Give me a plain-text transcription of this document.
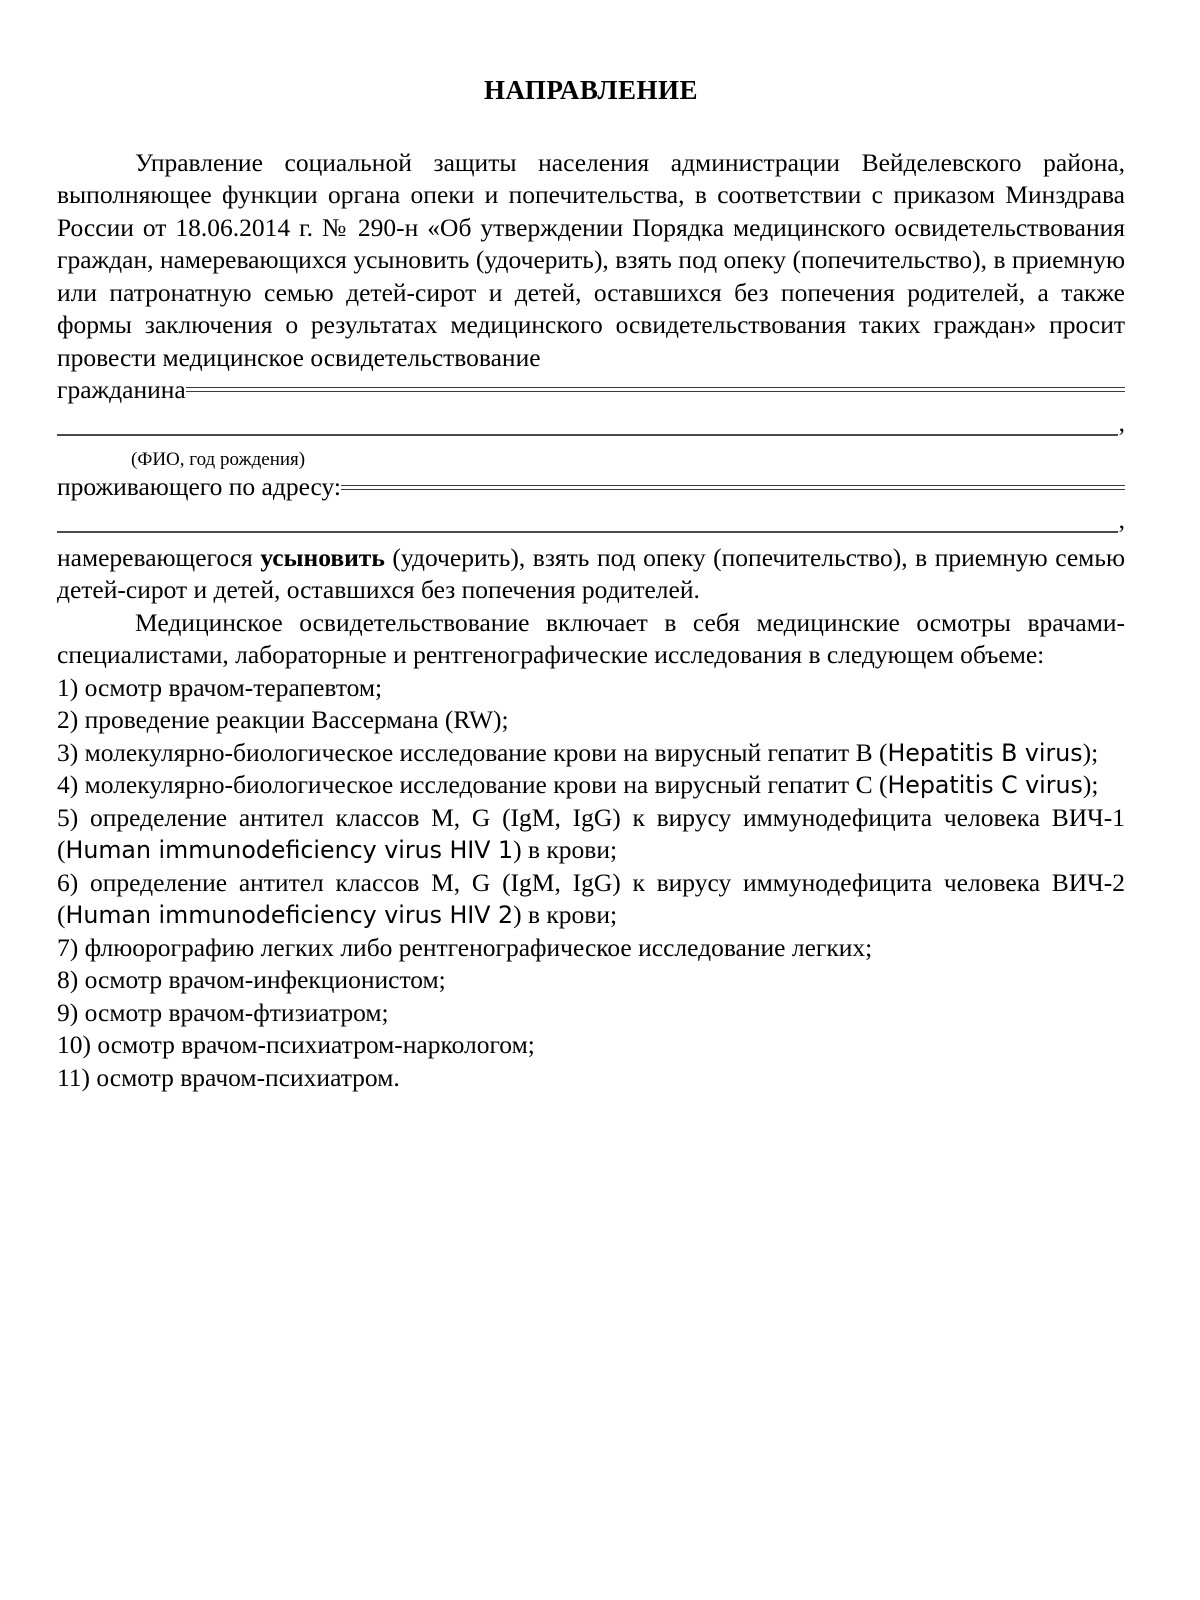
НАПРАВЛЕНИЕ

Управление социальной защиты населения администрации Вейделевского района, выполняющее функции органа опеки и попечительства, в соответствии с приказом Минздрава России от 18.06.2014 г. № 290-н «Об утверждении Порядка медицинского освидетельствования граждан, намеревающихся усыновить (удочерить), взять под опеку (попечительство), в приемную или патронатную семью детей-сирот и детей, оставшихся без попечения родителей, а также формы заключения о результатах медицинского освидетельствования таких граждан» просит провести медицинское освидетельствование

гражданина
,

(ФИО, год рождения)

проживающего по адресу:
,

намеревающегося усыновить (удочерить), взять под опеку (попечительство), в приемную семью детей-сирот и детей, оставшихся без попечения родителей.

Медицинское освидетельствование включает в себя медицинские осмотры врачами-специалистами, лабораторные и рентгенографические исследования в следующем объеме:

1) осмотр врачом-терапевтом;
2) проведение реакции Вассермана (RW);
3) молекулярно-биологическое исследование крови на вирусный гепатит B (Hepatitis B virus);
4) молекулярно-биологическое исследование крови на вирусный гепатит C (Hepatitis C virus);
5) определение антител классов M, G (IgM, IgG) к вирусу иммунодефицита человека ВИЧ-1 (Human immunodeficiency virus HIV 1) в крови;
6) определение антител классов M, G (IgM, IgG) к вирусу иммунодефицита человека ВИЧ-2 (Human immunodeficiency virus HIV 2) в крови;
7) флюорографию легких либо рентгенографическое исследование легких;
8) осмотр врачом-инфекционистом;
9) осмотр врачом-фтизиатром;
10) осмотр врачом-психиатром-наркологом;
11) осмотр врачом-психиатром.
